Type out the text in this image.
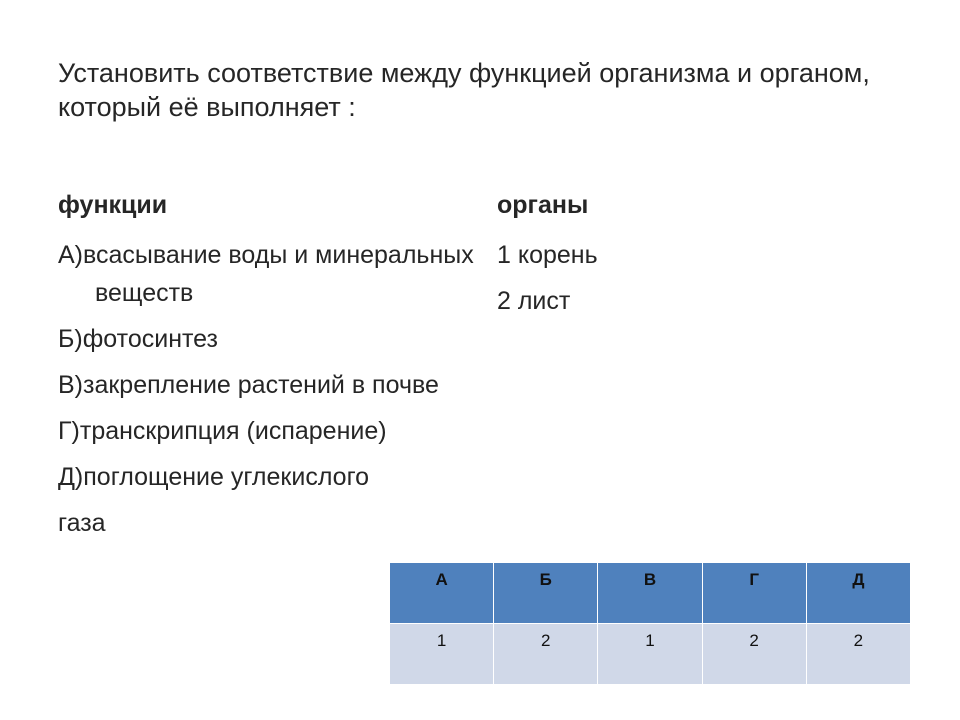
Установить соответствие между функцией организма и органом, который её выполняет :
функции	органы
А)всасывание воды и минеральных веществ
Б)фотосинтез
В)закрепление растений в почве
Г)транскрипция (испарение)
Д)поглощение углекислого
газа
1 корень
2 лист
А	Б	В	Г	Д
1	2	1	2	2
